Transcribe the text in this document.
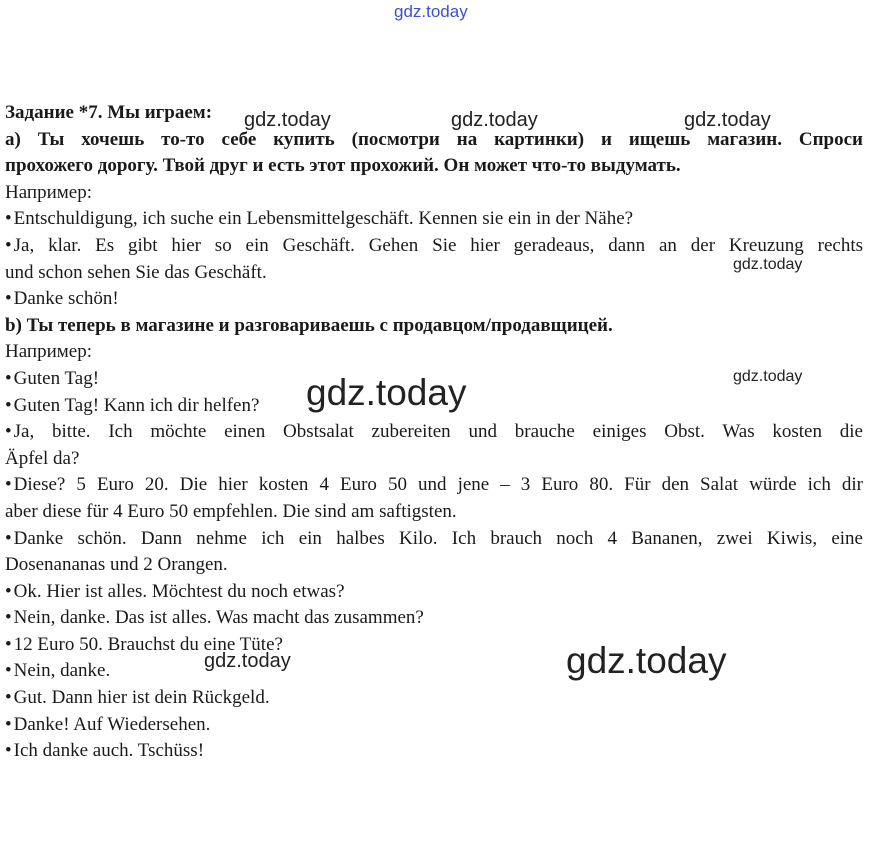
gdz.today
gdz.today	gdz.today	gdz.today
gdz.today
gdz.today
gdz.today
gdz.today	gdz.today
Задание *7. Мы играем:
a) Ты хочешь то-то себе купить (посмотри на картинки) и ищешь магазин. Спроси
прохожего дорогу. Твой друг и есть этот прохожий. Он может что-то выдумать.
Например:
• Entschuldigung, ich suche ein Lebensmittelgeschäft. Kennen sie ein in der Nähe?
• Ja, klar. Es gibt hier so ein Geschäft. Gehen Sie hier geradeaus, dann an der Kreuzung rechts
und schon sehen Sie das Geschäft.
• Danke schön!
b) Ты теперь в магазине и разговариваешь с продавцом/продавщицей.
Например:
• Guten Tag!
• Guten Tag! Kann ich dir helfen?
• Ja, bitte. Ich möchte einen Obstsalat zubereiten und brauche einiges Obst. Was kosten die
Äpfel da?
• Diese? 5 Euro 20. Die hier kosten 4 Euro 50 und jene – 3 Euro 80. Für den Salat würde ich dir
aber diese für 4 Euro 50 empfehlen. Die sind am saftigsten.
• Danke schön. Dann nehme ich ein halbes Kilo. Ich brauch noch 4 Bananen, zwei Kiwis, eine
Dosenananas und 2 Orangen.
• Ok. Hier ist alles. Möchtest du noch etwas?
• Nein, danke. Das ist alles. Was macht das zusammen?
• 12 Euro 50. Brauchst du eine Tüte?
• Nein, danke.
• Gut. Dann hier ist dein Rückgeld.
• Danke! Auf Wiedersehen.
• Ich danke auch. Tschüss!
